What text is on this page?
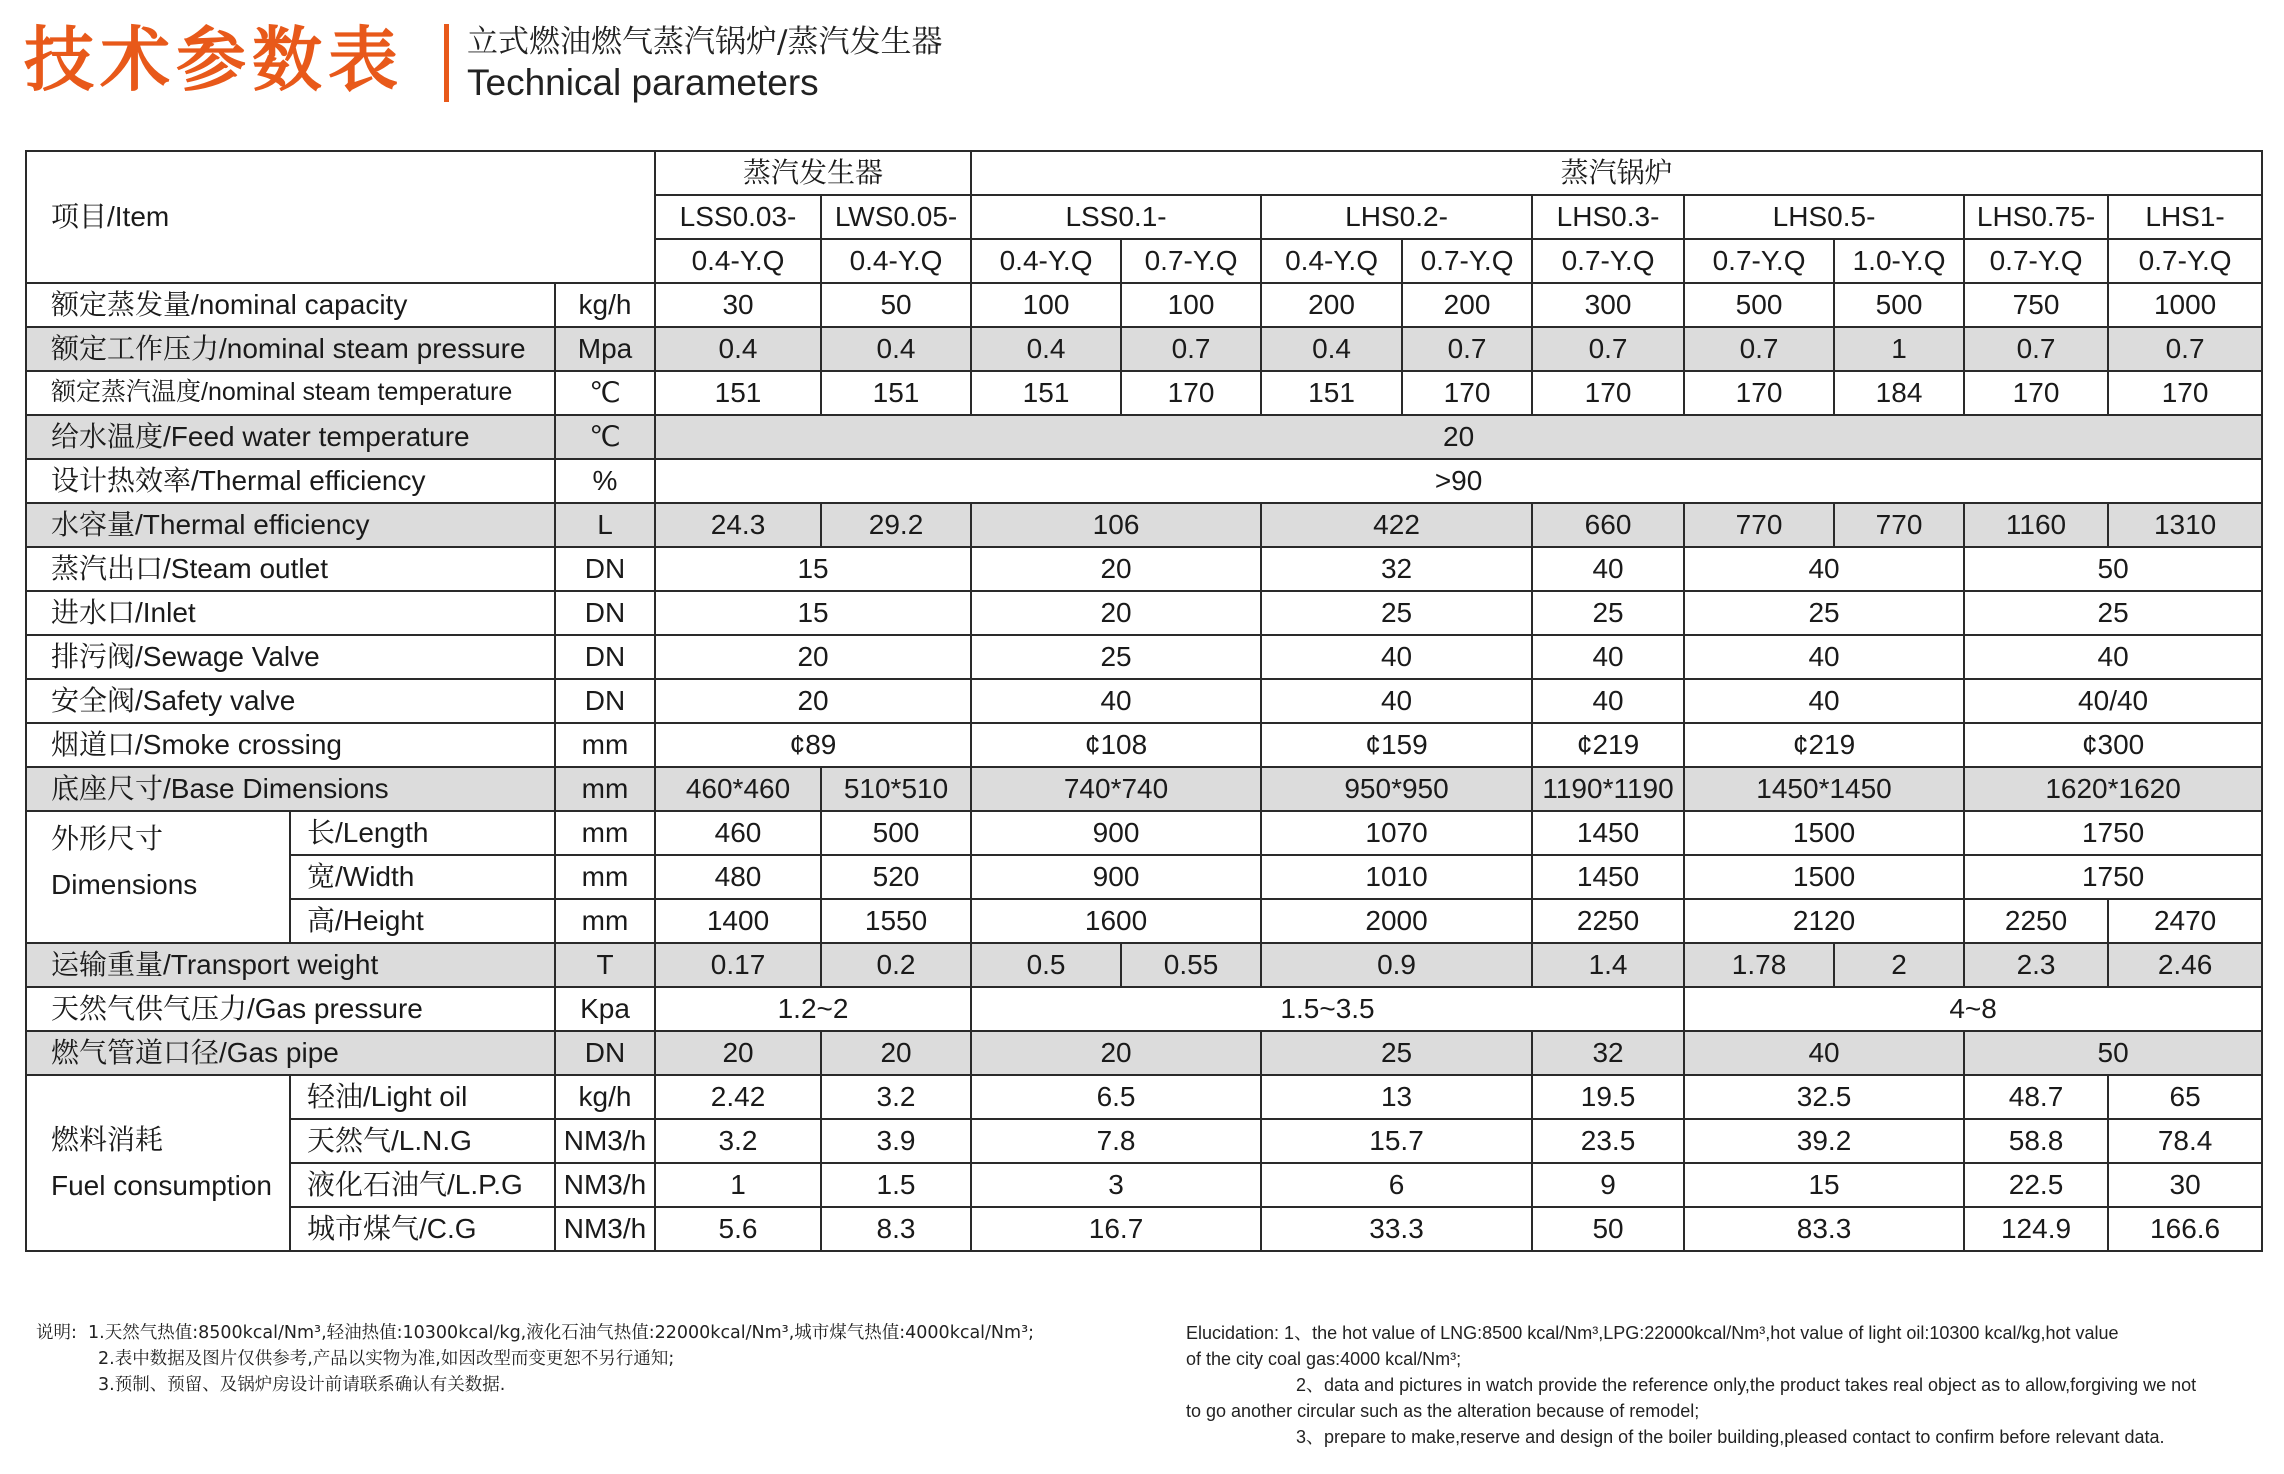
技术参数表 立式燃油燃气蒸汽锅炉/蒸汽发生器
Technical parameters
项目/Item			蒸汽发生器		蒸汽锅炉								
			LSS0.03-	LWS0.05-	LSS0.1-		LHS0.2-		LHS0.3-	LHS0.5-		LHS0.75-	LHS1-
			0.4-Y.Q	0.4-Y.Q	0.4-Y.Q	0.7-Y.Q	0.4-Y.Q	0.7-Y.Q	0.7-Y.Q	0.7-Y.Q	1.0-Y.Q	0.7-Y.Q	0.7-Y.Q
额定蒸发量/nominal capacity		kg/h	30	50	100	100	200	200	300	500	500	750	1000
额定工作压力/nominal steam pressure		Mpa	0.4	0.4	0.4	0.7	0.4	0.7	0.7	0.7	1	0.7	0.7
额定蒸汽温度/nominal steam temperature		℃	151	151	151	170	151	170	170	170	184	170	170
给水温度/Feed water temperature		℃	20										
设计热效率/Thermal efficiency		%	>90										
水容量/Thermal efficiency		L	24.3	29.2	106		422		660	770	770	1160	1310
蒸汽出口/Steam outlet		DN	15		20		32		40	40		50	
进水口/Inlet		DN	15		20		25		25	25		25	
排污阀/Sewage Valve		DN	20		25		40		40	40		40	
安全阀/Safety valve		DN	20		40		40		40	40		40/40	
烟道口/Smoke crossing		mm	¢89		¢108		¢159		¢219	¢219		¢300	
底座尺寸/Base Dimensions		mm	460*460	510*510	740*740		950*950		1190*1190	1450*1450		1620*1620	

外形尺寸
Dimensions	长/Length	mm	460	500	900		1070		1450	1500		1750	
	宽/Width	mm	480	520	900		1010		1450	1500		1750	
	高/Height	mm	1400	1550	1600		2000		2250	2120		2250	2470
运输重量/Transport weight		T	0.17	0.2	0.5	0.55	0.9		1.4	1.78	2	2.3	2.46
天然气供气压力/Gas pressure		Kpa	1.2~2		1.5~3.5					4~8			
燃气管道口径/Gas pipe		DN	20	20	20		25		32	40		50	

燃料消耗
Fuel consumption	轻油/Light oil	kg/h	2.42	3.2	6.5		13		19.5	32.5		48.7	65
	天然气/L.N.G	NM3/h	3.2	3.9	7.8		15.7		23.5	39.2		58.8	78.4
	液化石油气/L.P.G	NM3/h	1	1.5	3		6		9	15		22.5	30
	城市煤气/C.G	NM3/h	5.6	8.3	16.7		33.3		50	83.3		124.9	166.6
说明: 1.天然气热值:8500kcal/Nm³,轻油热值:10300kcal/kg,液化石油气热值:22000kcal/Nm³,城市煤气热值:4000kcal/Nm³;
2.表中数据及图片仅供参考,产品以实物为准,如因改型而变更恕不另行通知;
3.预制、预留、及锅炉房设计前请联系确认有关数据.
Elucidation: 1、the hot value of LNG:8500 kcal/Nm³,LPG:22000kcal/Nm³,hot value of light oil:10300 kcal/kg,hot value
of the city coal gas:4000 kcal/Nm³;
2、data and pictures in watch provide the reference only,the product takes real object as to allow,forgiving we not
to go another circular such as the alteration because of remodel;
3、prepare to make,reserve and design of the boiler building,pleased contact to confirm before relevant data.
